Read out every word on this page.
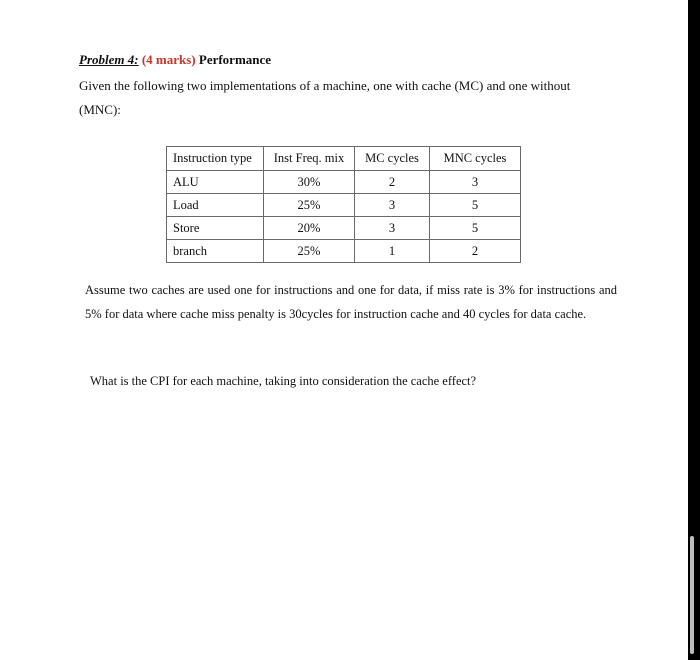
Problem 4: (4 marks) Performance
Given the following two implementations of a machine, one with cache (MC) and one without (MNC):
Instruction type	Inst Freq. mix	MC cycles	MNC cycles
ALU	30%	2	3
Load	25%	3	5
Store	20%	3	5
branch	25%	1	2
Assume two caches are used one for instructions and one for data, if miss rate is 3% for instructions and 5% for data where cache miss penalty is 30cycles for instruction cache and 40 cycles for data cache.
What is the CPI for each machine, taking into consideration the cache effect?
